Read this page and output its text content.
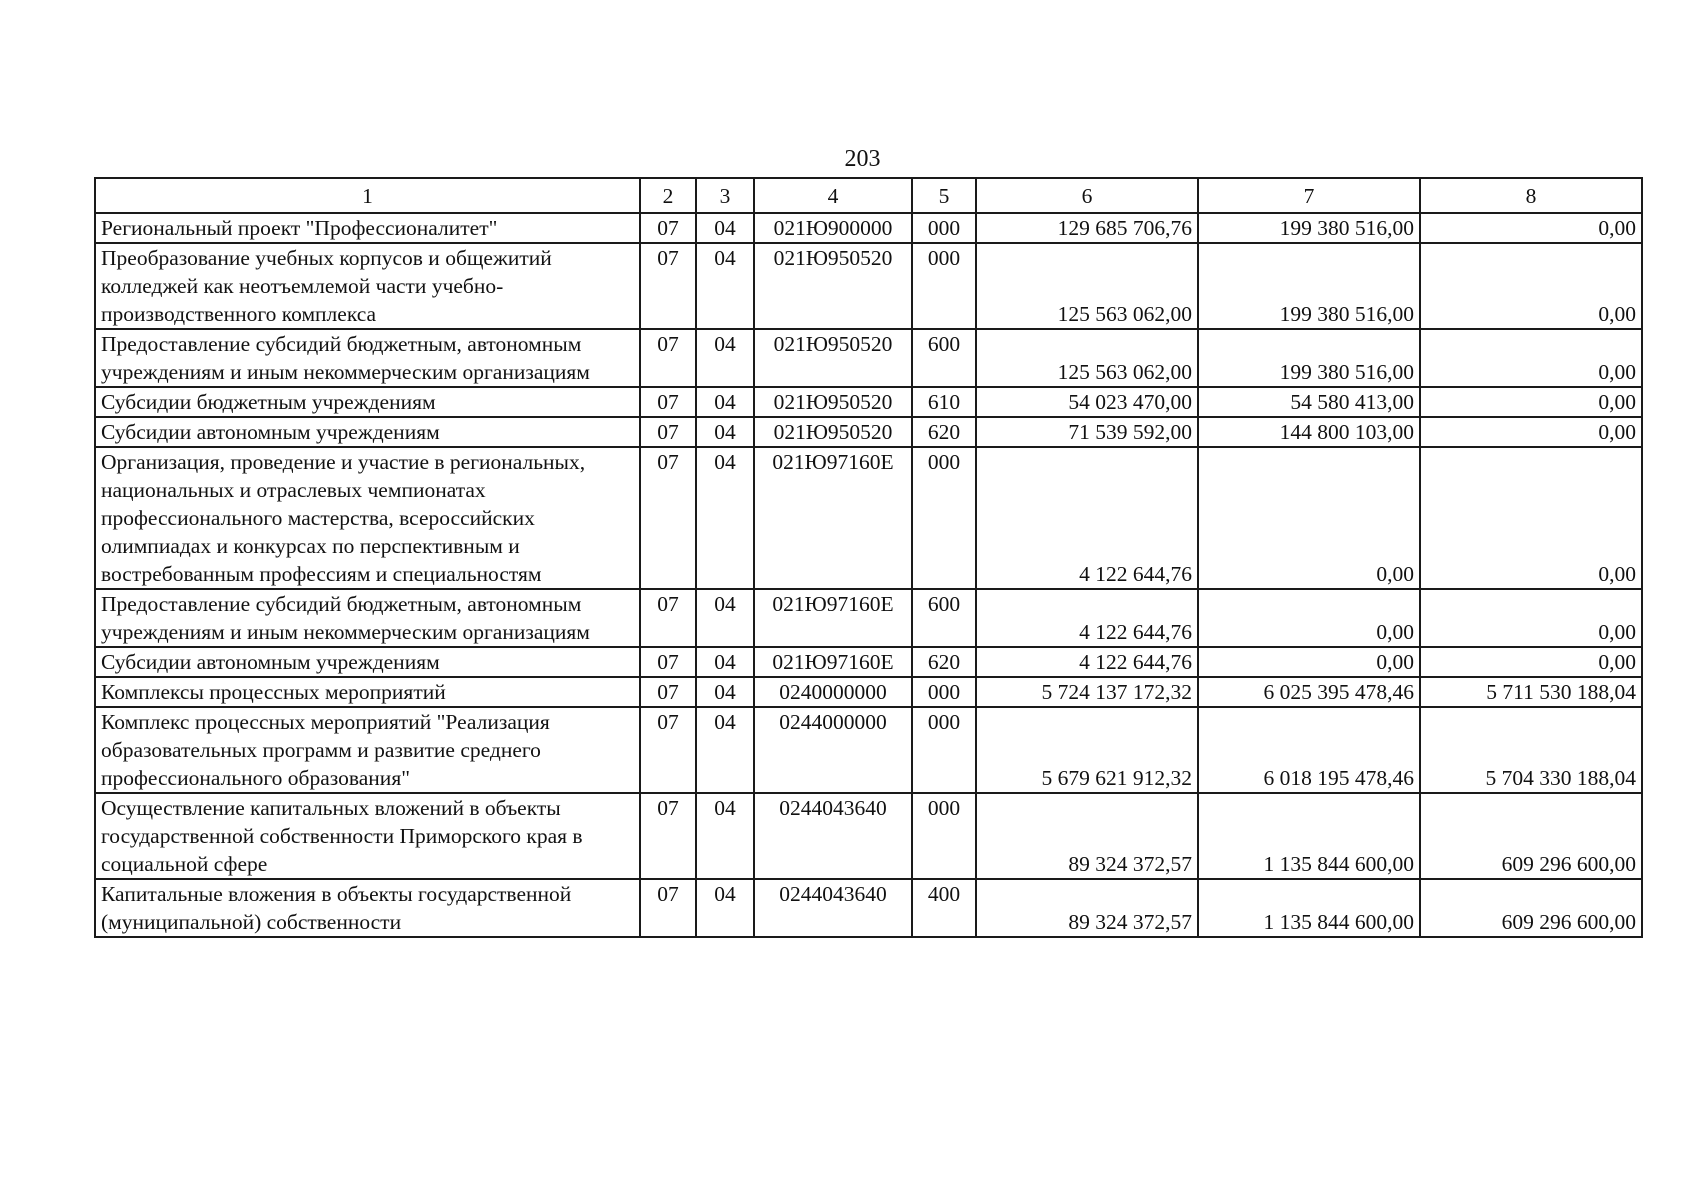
203
1	2	3	4	5	6	7	8
Региональный проект "Профессионалитет"	07	04	021Ю900000	000	129 685 706,76	199 380 516,00	0,00
Преобразование учебных корпусов и общежитий колледжей как неотъемлемой части учебно-производственного комплекса	07	04	021Ю950520	000	125 563 062,00	199 380 516,00	0,00
Предоставление субсидий бюджетным, автономным учреждениям и иным некоммерческим организациям	07	04	021Ю950520	600	125 563 062,00	199 380 516,00	0,00
Субсидии бюджетным учреждениям	07	04	021Ю950520	610	54 023 470,00	54 580 413,00	0,00
Субсидии автономным учреждениям	07	04	021Ю950520	620	71 539 592,00	144 800 103,00	0,00
Организация, проведение и участие в региональных, национальных и отраслевых чемпионатах профессионального мастерства, всероссийских олимпиадах и конкурсах по перспективным и востребованным профессиям и специальностям	07	04	021Ю97160Е	000	4 122 644,76	0,00	0,00
Предоставление субсидий бюджетным, автономным учреждениям и иным некоммерческим организациям	07	04	021Ю97160Е	600	4 122 644,76	0,00	0,00
Субсидии автономным учреждениям	07	04	021Ю97160Е	620	4 122 644,76	0,00	0,00
Комплексы процессных мероприятий	07	04	0240000000	000	5 724 137 172,32	6 025 395 478,46	5 711 530 188,04
Комплекс процессных мероприятий "Реализация образовательных программ и развитие среднего профессионального образования"	07	04	0244000000	000	5 679 621 912,32	6 018 195 478,46	5 704 330 188,04
Осуществление капитальных вложений в объекты государственной собственности Приморского края в социальной сфере	07	04	0244043640	000	89 324 372,57	1 135 844 600,00	609 296 600,00
Капитальные вложения в объекты государственной (муниципальной) собственности	07	04	0244043640	400	89 324 372,57	1 135 844 600,00	609 296 600,00
